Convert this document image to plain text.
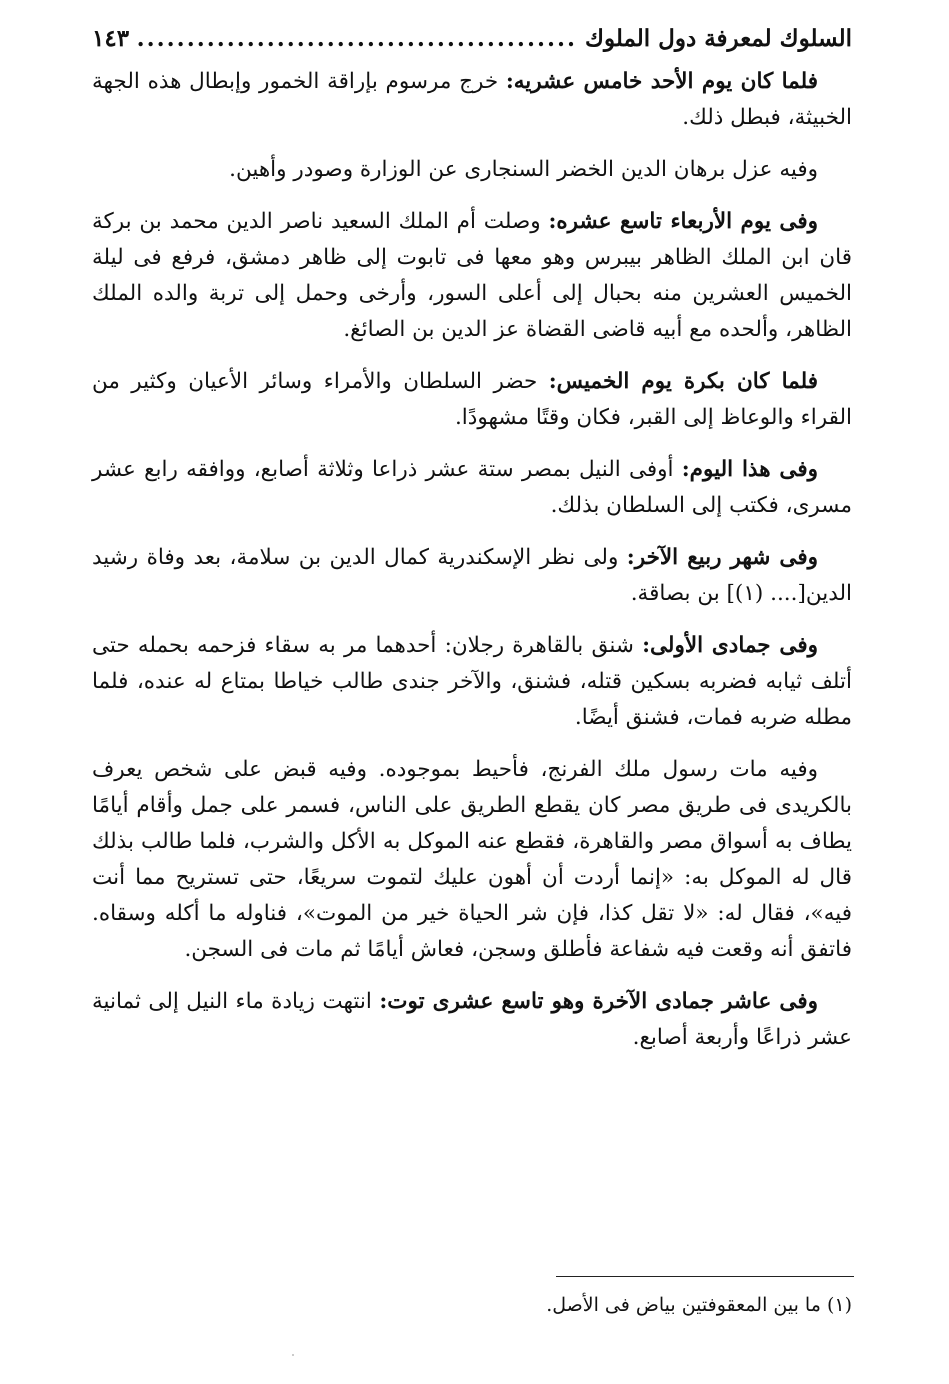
السلوك لمعرفة دول الملوك
.....
١٤٣

فلما كان يوم الأحد خامس عشريه: خرج مرسوم بإراقة الخمور وإبطال هذه الجهة الخبيثة، فبطل ذلك.

وفيه عزل برهان الدين الخضر السنجارى عن الوزارة وصودر وأهين.

وفى يوم الأربعاء تاسع عشره: وصلت أم الملك السعيد ناصر الدين محمد بن بركة قان ابن الملك الظاهر بيبرس وهو معها فى تابوت إلى ظاهر دمشق، فرفع فى ليلة الخميس العشرين منه بحبال إلى أعلى السور، وأرخى وحمل إلى تربة والده الملك الظاهر، وألحده مع أبيه قاضى القضاة عز الدين بن الصائغ.

فلما كان بكرة يوم الخميس: حضر السلطان والأمراء وسائر الأعيان وكثير من القراء والوعاظ إلى القبر، فكان وقتًا مشهودًا.

وفى هذا اليوم: أوفى النيل بمصر ستة عشر ذراعا وثلاثة أصابع، ووافقه رابع عشر مسرى، فكتب إلى السلطان بذلك.

وفى شهر ربيع الآخر: ولى نظر الإسكندرية كمال الدين بن سلامة، بعد وفاة رشيد الدين[.... (١)] بن بصاقة.

وفى جمادى الأولى: شنق بالقاهرة رجلان: أحدهما مر به سقاء فزحمه بحمله حتى أتلف ثيابه فضربه بسكين قتله، فشنق، والآخر جندى طالب خياطا بمتاع له عنده، فلما مطله ضربه فمات، فشنق أيضًا.

وفيه مات رسول ملك الفرنج، فأحيط بموجوده. وفيه قبض على شخص يعرف بالكريدى فى طريق مصر كان يقطع الطريق على الناس، فسمر على جمل وأقام أيامًا يطاف به أسواق مصر والقاهرة، فقطع عنه الموكل به الأكل والشرب، فلما طالب بذلك قال له الموكل به: «إنما أردت أن أهون عليك لتموت سريعًا، حتى تستريح مما أنت فيه»، فقال له: «لا تقل كذا، فإن شر الحياة خير من الموت»، فناوله ما أكله وسقاه. فاتفق أنه وقعت فيه شفاعة فأطلق وسجن، فعاش أيامًا ثم مات فى السجن.

وفى عاشر جمادى الآخرة وهو تاسع عشرى توت: انتهت زيادة ماء النيل إلى ثمانية عشر ذراعًا وأربعة أصابع.

(١) ما بين المعقوفتين بياض فى الأصل.
